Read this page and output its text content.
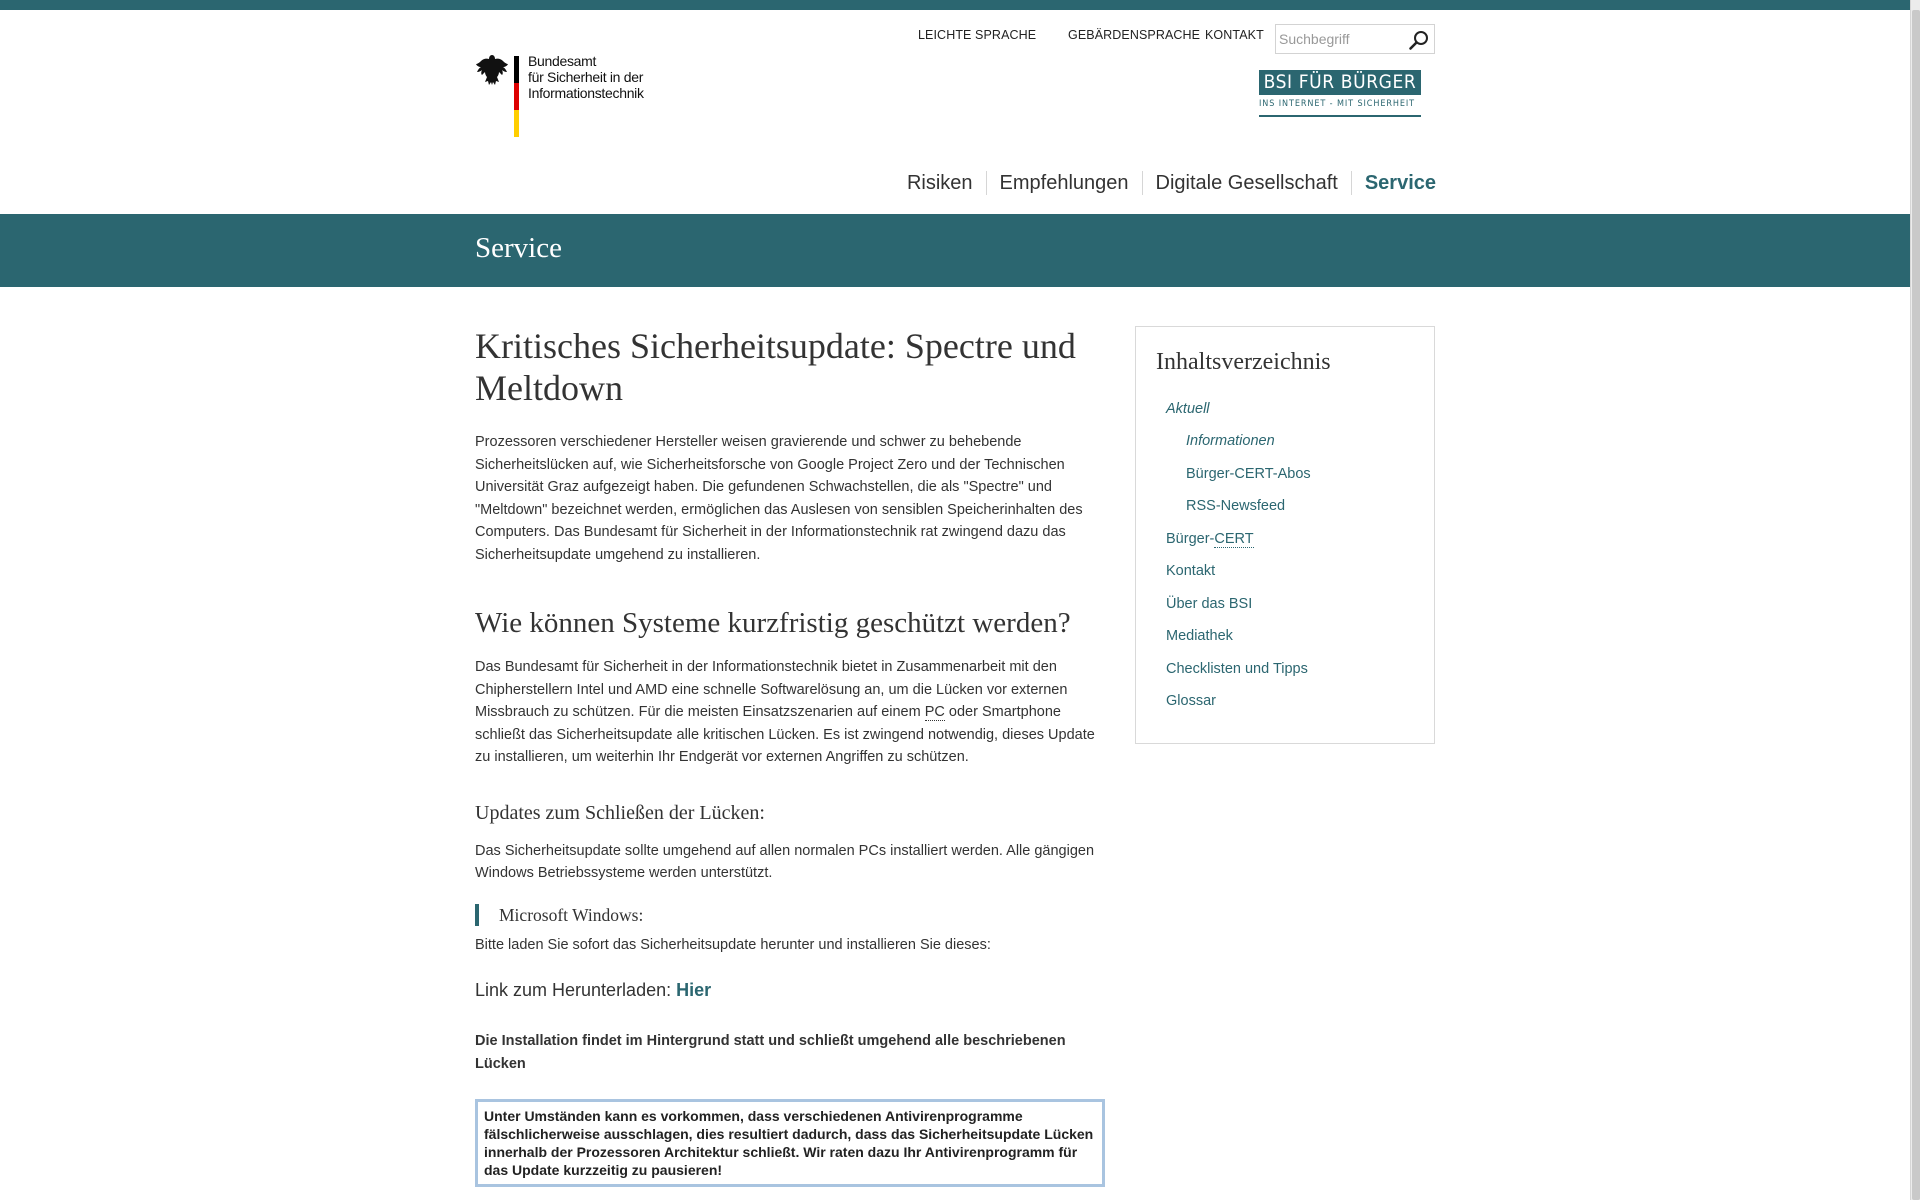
Bundesamt
für Sicherheit in der
Informationstechnik
LEICHTE SPRACHE	GEBÄRDENSPRACHE KONTAKT
Suchbegriff
BSI FÜR BÜRGER
INS INTERNET - MIT SICHERHEIT
Risiken	Empfehlungen	Digitale Gesellschaft	Service
Service
Kritisches Sicherheitsupdate: Spectre und Meltdown

Prozessoren verschiedener Hersteller weisen gravierende und schwer zu behebende Sicherheitslücken auf, wie Sicherheitsforsche von Google Project Zero und der Technischen Universität Graz aufgezeigt haben. Die gefundenen Schwachstellen, die als "Spectre" und "Meltdown" bezeichnet werden, ermöglichen das Auslesen von sensiblen Speicherinhalten des Computers. Das Bundesamt für Sicherheit in der Informationstechnik rat zwingend dazu das Sicherheitsupdate umgehend zu installieren.

Wie können Systeme kurzfristig geschützt werden?

Das Bundesamt für Sicherheit in der Informationstechnik bietet in Zusammenarbeit mit den Chipherstellern Intel und AMD eine schnelle Softwarelösung an, um die Lücken vor externen Missbrauch zu schützen. Für die meisten Einsatzszenarien auf einem PC oder Smartphone schließt das Sicherheitsupdate alle kritischen Lücken. Es ist zwingend notwendig, dieses Update zu installieren, um weiterhin Ihr Endgerät vor externen Angriffen zu schützen.

Updates zum Schließen der Lücken:

Das Sicherheitsupdate sollte umgehend auf allen normalen PCs installiert werden. Alle gängigen Windows Betriebssysteme werden unterstützt.

Microsoft Windows:

Bitte laden Sie sofort das Sicherheitsupdate herunter und installieren Sie dieses:

Link zum Herunterladen: Hier

Die Installation findet im Hintergrund statt und schließt umgehend alle beschriebenen Lücken

Unter Umständen kann es vorkommen, dass verschiedenen Antivirenprogramme fälschlicherweise ausschlagen, dies resultiert dadurch, dass das Sicherheitsupdate Lücken innerhalb der Prozessoren Architektur schließt. Wir raten dazu Ihr Antivirenprogramm für das Update kurzzeitig zu pausieren!
Inhaltsverzeichnis
Aktuell
Informationen
Bürger-CERT-Abos
RSS-Newsfeed
Bürger-CERT
Kontakt
Über das BSI
Mediathek
Checklisten und Tipps
Glossar
